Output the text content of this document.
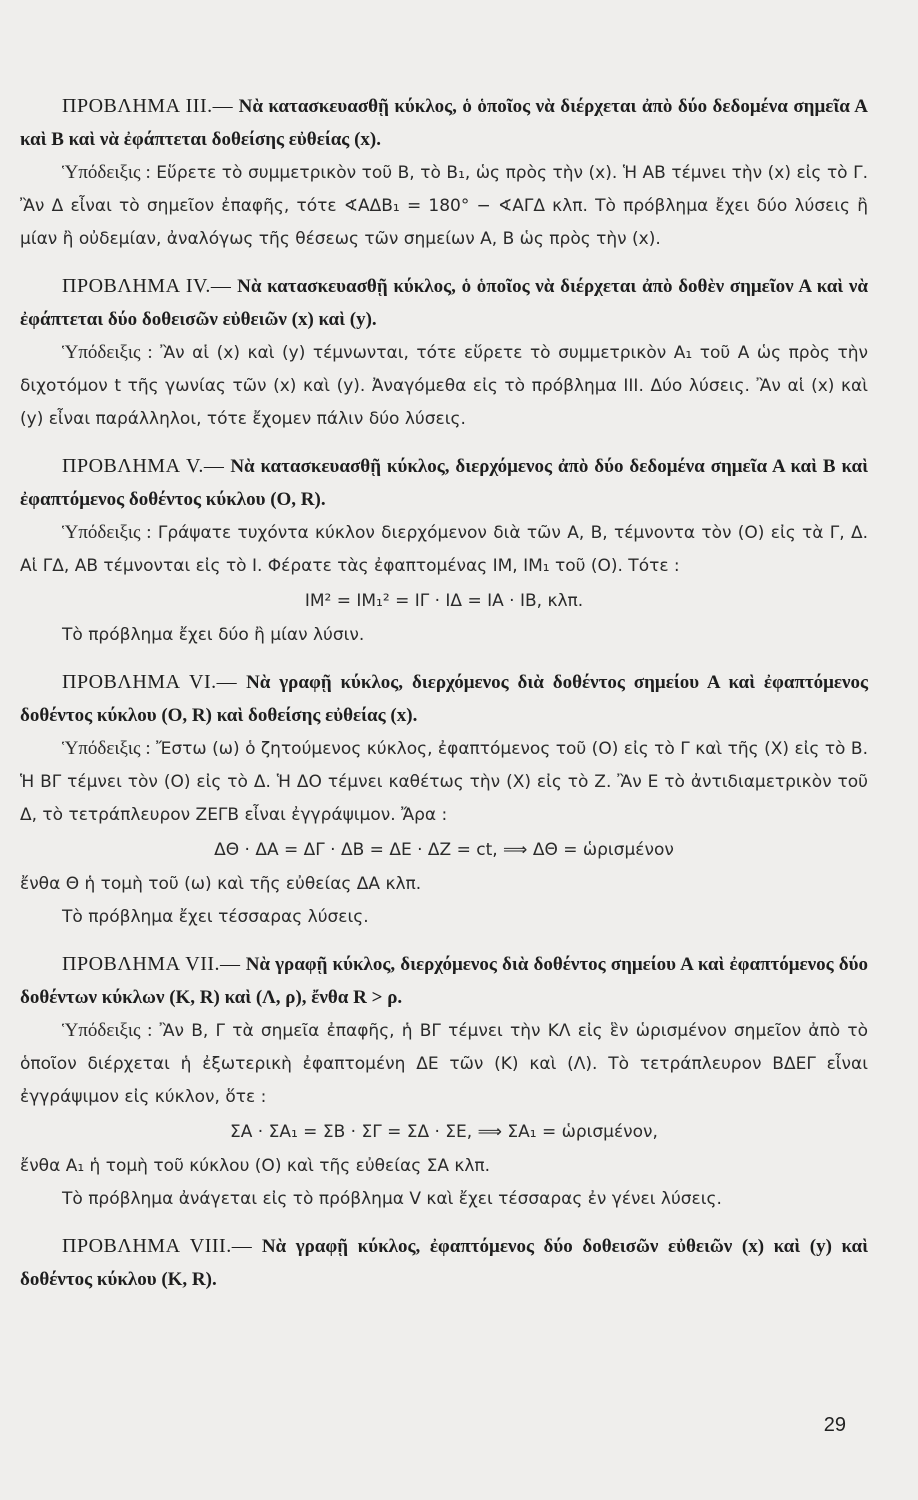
ΠΡΟΒΛΗΜΑ III.— Νὰ κατασκευασθῇ κύκλος, ὁ ὁποῖος νὰ διέρχεται ἀπὸ δύο δεδομένα σημεῖα Α καὶ Β καὶ νὰ ἐφάπτεται δοθείσης εὐθείας (x).

Ὑπόδειξις : Εὕρετε τὸ συμμετρικὸν τοῦ Β, τὸ Β₁, ὡς πρὸς τὴν (x). Ἡ ΑΒ τέμνει τὴν (x) εἰς τὸ Γ. Ἂν Δ εἶναι τὸ σημεῖον ἐπαφῆς, τότε ∢ΑΔΒ₁ = 180° − ∢ΑΓΔ κλπ. Τὸ πρόβλημα ἔχει δύο λύσεις ἢ μίαν ἢ οὐδεμίαν, ἀναλόγως τῆς θέσεως τῶν σημείων Α, Β ὡς πρὸς τὴν (x).

ΠΡΟΒΛΗΜΑ IV.— Νὰ κατασκευασθῇ κύκλος, ὁ ὁποῖος νὰ διέρχεται ἀπὸ δοθὲν σημεῖον Α καὶ νὰ ἐφάπτεται δύο δοθεισῶν εὐθειῶν (x) καὶ (y).

Ὑπόδειξις : Ἂν αἱ (x) καὶ (y) τέμνωνται, τότε εὕρετε τὸ συμμετρικὸν Α₁ τοῦ Α ὡς πρὸς τὴν διχοτόμον t τῆς γωνίας τῶν (x) καὶ (y). Ἀναγόμεθα εἰς τὸ πρόβλημα ΙΙΙ. Δύο λύσεις. Ἂν αἱ (x) καὶ (y) εἶναι παράλληλοι, τότε ἔχομεν πάλιν δύο λύσεις.

ΠΡΟΒΛΗΜΑ V.— Νὰ κατασκευασθῇ κύκλος, διερχόμενος ἀπὸ δύο δεδομένα σημεῖα Α καὶ Β καὶ ἐφαπτόμενος δοθέντος κύκλου (Ο, R).

Ὑπόδειξις : Γράψατε τυχόντα κύκλον διερχόμενον διὰ τῶν Α, Β, τέμνοντα τὸν (Ο) εἰς τὰ Γ, Δ. Αἱ ΓΔ, ΑΒ τέμνονται εἰς τὸ Ι. Φέρατε τὰς ἐφαπτομένας ΙΜ, ΙΜ₁ τοῦ (Ο). Τότε :

ΙΜ² = ΙΜ₁² = ΙΓ · ΙΔ = ΙΑ · ΙΒ, κλπ.

Τὸ πρόβλημα ἔχει δύο ἢ μίαν λύσιν.

ΠΡΟΒΛΗΜΑ VI.— Νὰ γραφῇ κύκλος, διερχόμενος διὰ δοθέντος σημείου Α καὶ ἐφαπτόμενος δοθέντος κύκλου (Ο, R) καὶ δοθείσης εὐθείας (x).

Ὑπόδειξις : Ἔστω (ω) ὁ ζητούμενος κύκλος, ἐφαπτόμενος τοῦ (Ο) εἰς τὸ Γ καὶ τῆς (Χ) εἰς τὸ Β. Ἡ ΒΓ τέμνει τὸν (Ο) εἰς τὸ Δ. Ἡ ΔΟ τέμνει καθέτως τὴν (Χ) εἰς τὸ Ζ. Ἂν Ε τὸ ἀντιδιαμετρικὸν τοῦ Δ, τὸ τετράπλευρον ΖΕΓΒ εἶναι ἐγγράψιμον. Ἄρα :

ΔΘ · ΔΑ = ΔΓ · ΔΒ = ΔΕ · ΔΖ = ct, ⟹ ΔΘ = ὡρισμένον

ἔνθα Θ ἡ τομὴ τοῦ (ω) καὶ τῆς εὐθείας ΔΑ κλπ.

Τὸ πρόβλημα ἔχει τέσσαρας λύσεις.

ΠΡΟΒΛΗΜΑ VII.— Νὰ γραφῇ κύκλος, διερχόμενος διὰ δοθέντος σημείου Α καὶ ἐφαπτόμενος δύο δοθέντων κύκλων (Κ, R) καὶ (Λ, ρ), ἔνθα R > ρ.

Ὑπόδειξις : Ἂν Β, Γ τὰ σημεῖα ἐπαφῆς, ἡ ΒΓ τέμνει τὴν ΚΛ εἰς ἓν ὡρισμένον σημεῖον ἀπὸ τὸ ὁποῖον διέρχεται ἡ ἐξωτερικὴ ἐφαπτομένη ΔΕ τῶν (Κ) καὶ (Λ). Τὸ τετράπλευρον ΒΔΕΓ εἶναι ἐγγράψιμον εἰς κύκλον, ὅτε :

ΣΑ · ΣΑ₁ = ΣΒ · ΣΓ = ΣΔ · ΣΕ, ⟹ ΣΑ₁ = ὡρισμένον,

ἔνθα Α₁ ἡ τομὴ τοῦ κύκλου (Ο) καὶ τῆς εὐθείας ΣΑ κλπ.

Τὸ πρόβλημα ἀνάγεται εἰς τὸ πρόβλημα V καὶ ἔχει τέσσαρας ἐν γένει λύσεις.

ΠΡΟΒΛΗΜΑ VIII.— Νὰ γραφῇ κύκλος, ἐφαπτόμενος δύο δοθεισῶν εὐθειῶν (x) καὶ (y) καὶ δοθέντος κύκλου (Κ, R).

29
